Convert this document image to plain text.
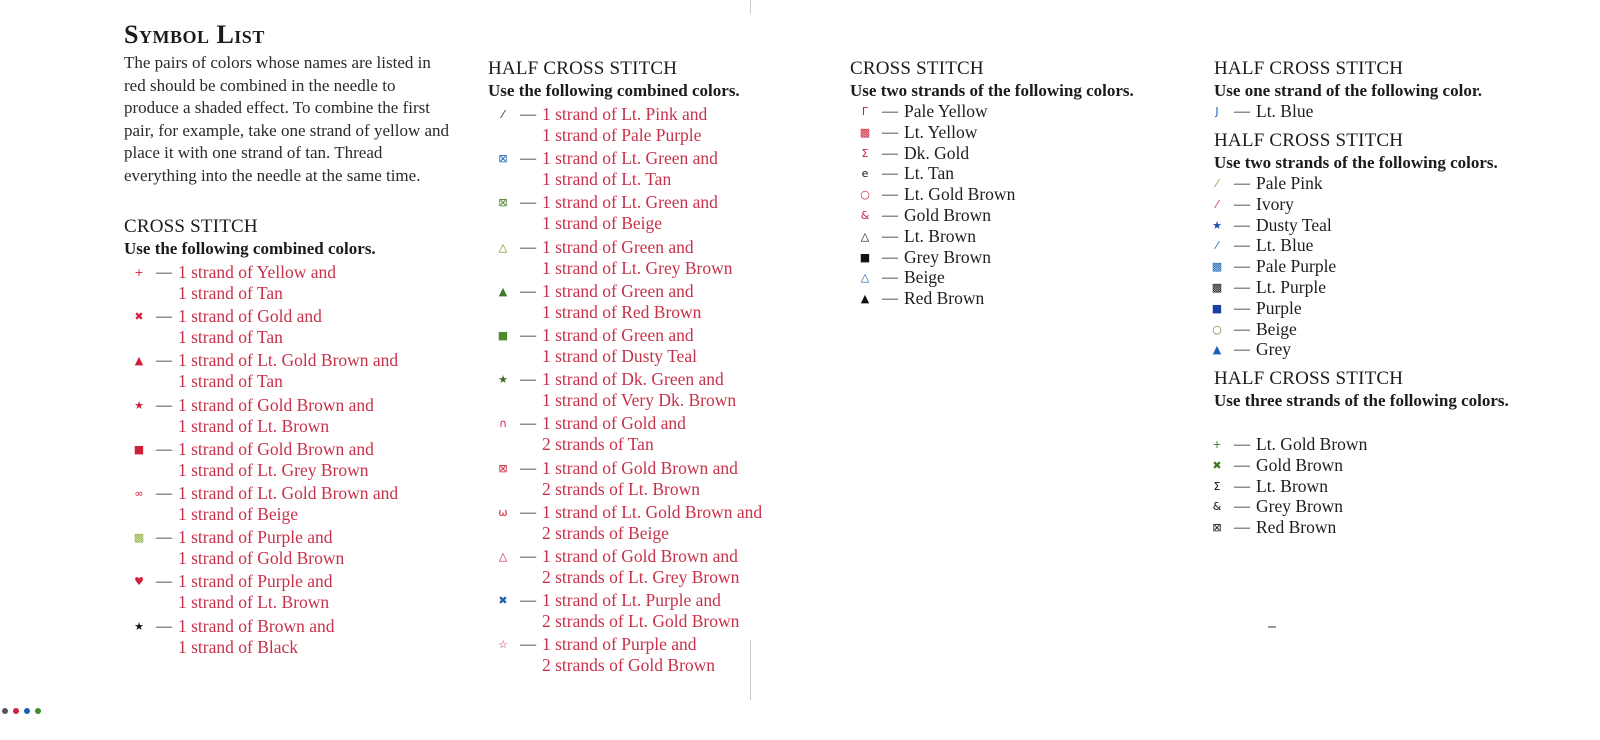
Symbol List
The pairs of colors whose names are listed in red should be combined in the needle to produce a shaded effect. To combine the first pair, for example, take one strand of yellow and place it with one strand of tan. Thread everything into the needle at the same time.
CROSS STITCH
Use the following combined colors.
+ — 1 strand of Yellow and
1 strand of Tan
✖ — 1 strand of Gold and
1 strand of Tan
▲ — 1 strand of Lt. Gold Brown and
1 strand of Tan
★ — 1 strand of Gold Brown and
1 strand of Lt. Brown
■ — 1 strand of Gold Brown and
1 strand of Lt. Grey Brown
∞ — 1 strand of Lt. Gold Brown and
1 strand of Beige
▩ — 1 strand of Purple and
1 strand of Gold Brown
♥ — 1 strand of Purple and
1 strand of Lt. Brown
★ — 1 strand of Brown and
1 strand of Black
HALF CROSS STITCH
Use the following combined colors.
⁄	— 1 strand of Lt. Pink and
1 strand of Pale Purple
⊠ — 1 strand of Lt. Green and
1 strand of Lt. Tan
⊠ — 1 strand of Lt. Green and
1 strand of Beige
△ — 1 strand of Green and
1 strand of Lt. Grey Brown
▲ — 1 strand of Green and
1 strand of Red Brown
■ — 1 strand of Green and
1 strand of Dusty Teal
★ — 1 strand of Dk. Green and
1 strand of Very Dk. Brown
∩ — 1 strand of Gold and
2 strands of Tan
⊠ — 1 strand of Gold Brown and
2 strands of Lt. Brown
ω — 1 strand of Lt. Gold Brown and
2 strands of Beige
△ — 1 strand of Gold Brown and
2 strands of Lt. Grey Brown
✖ — 1 strand of Lt. Purple and
2 strands of Lt. Gold Brown
☆ — 1 strand of Purple and
2 strands of Gold Brown
CROSS STITCH
Use two strands of the following colors.
Γ — Pale Yellow
▩ — Lt. Yellow
Σ — Dk. Gold
e — Lt. Tan
○ — Lt. Gold Brown
& — Gold Brown
△ — Lt. Brown
■ — Grey Brown
△ — Beige
▲ — Red Brown
HALF CROSS STITCH
Use one strand of the following color.
J — Lt. Blue
HALF CROSS STITCH
Use two strands of the following colors.
⁄	— Pale Pink
⁄	— Ivory
★ — Dusty Teal
⁄	— Lt. Blue
▩ — Pale Purple
▩ — Lt. Purple
■ — Purple
○ — Beige
▲ — Grey
HALF CROSS STITCH
Use three strands of the following colors.
+ — Lt. Gold Brown
✖ — Gold Brown
Σ — Lt. Brown
& — Grey Brown
⊠ — Red Brown
